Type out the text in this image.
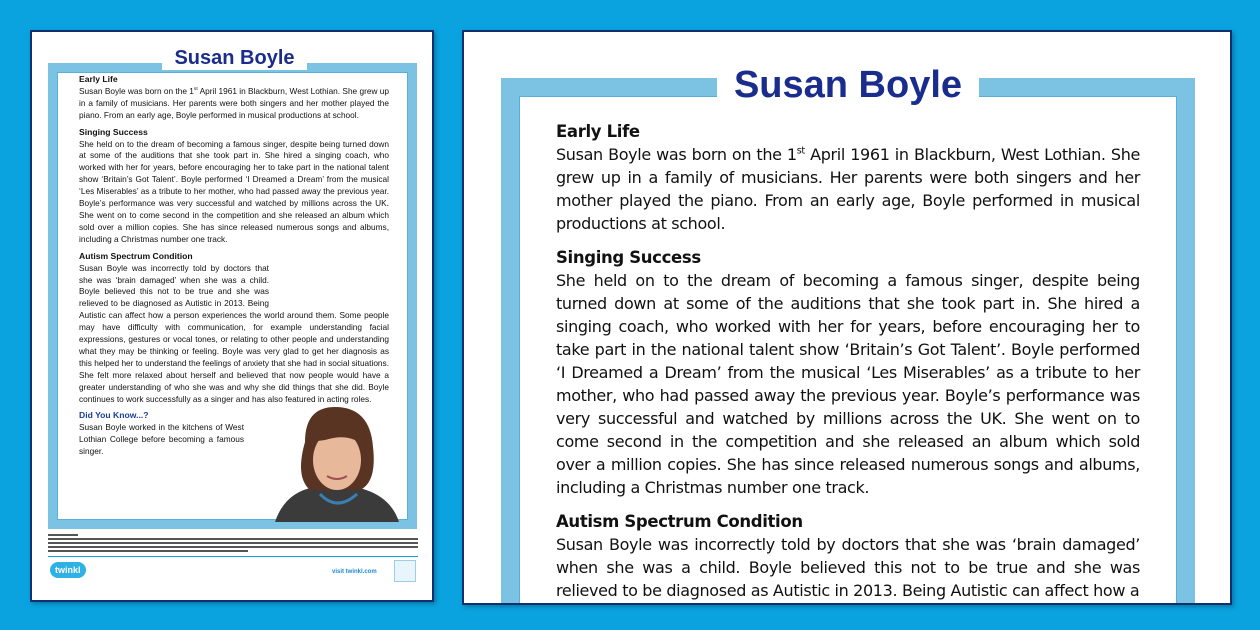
Susan Boyle
Early Life

Susan Boyle was born on the 1st April 1961 in Blackburn, West Lothian. She grew up in a family of musicians. Her parents were both singers and her mother played the piano. From an early age, Boyle performed in musical productions at school.

Singing Success

She held on to the dream of becoming a famous singer, despite being turned down at some of the auditions that she took part in. She hired a singing coach, who worked with her for years, before encouraging her to take part in the national talent show ‘Britain’s Got Talent’. Boyle performed ‘I Dreamed a Dream’ from the musical ‘Les Miserables’ as a tribute to her mother, who had passed away the previous year. Boyle’s performance was very successful and watched by millions across the UK. She went on to come second in the competition and she released an album which sold over a million copies. She has since released numerous songs and albums, including a Christmas number one track.

Autism Spectrum Condition

Susan Boyle was incorrectly told by doctors that she was ‘brain damaged’ when she was a child. Boyle believed this not to be true and she was relieved to be diagnosed as Autistic in 2013. Being Autistic can affect how a person experiences the world around them. Some people may have difficulty with communication, for example understanding facial expressions, gestures or vocal tones, or relating to other people and understanding what they may be thinking or feeling. Boyle was very glad to get her diagnosis as this helped her to understand the feelings of anxiety that she had in social situations. She felt more relaxed about herself and believed that now people would have a greater understanding of who she was and why she did things that she did. Boyle continues to work successfully as a singer and has also featured in acting roles.

Did You Know...?

Susan Boyle worked in the kitchens of West Lothian College before becoming a famous singer.

twinkl	visit twinkl.com
Susan Boyle
Early Life

Susan Boyle was born on the 1st April 1961 in Blackburn, West Lothian. She grew up in a family of musicians. Her parents were both singers and her mother played the piano. From an early age, Boyle performed in musical productions at school.

Singing Success

She held on to the dream of becoming a famous singer, despite being turned down at some of the auditions that she took part in. She hired a singing coach, who worked with her for years, before encouraging her to take part in the national talent show ‘Britain’s Got Talent’. Boyle performed ‘I Dreamed a Dream’ from the musical ‘Les Miserables’ as a tribute to her mother, who had passed away the previous year. Boyle’s performance was very successful and watched by millions across the UK. She went on to come second in the competition and she released an album which sold over a million copies. She has since released numerous songs and albums, including a Christmas number one track.

Autism Spectrum Condition

Susan Boyle was incorrectly told by doctors that she was ‘brain damaged’ when she was a child. Boyle believed this not to be true and she was relieved to be diagnosed as Autistic in 2013. Being Autistic can affect how a
